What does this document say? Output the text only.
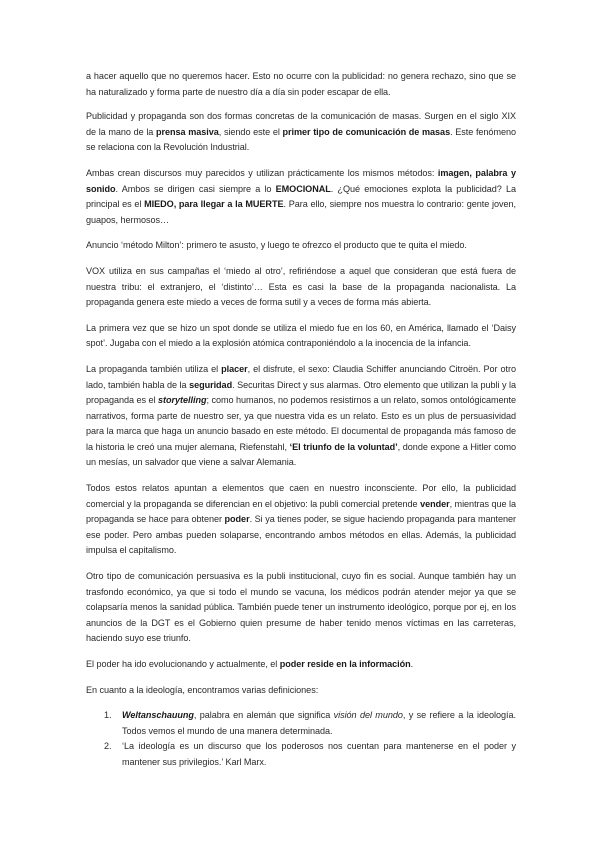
a hacer aquello que no queremos hacer. Esto no ocurre con la publicidad: no genera rechazo, sino que se ha naturalizado y forma parte de nuestro día a día sin poder escapar de ella.

Publicidad y propaganda son dos formas concretas de la comunicación de masas. Surgen en el siglo XIX de la mano de la prensa masiva, siendo este el primer tipo de comunicación de masas. Este fenómeno se relaciona con la Revolución Industrial.

Ambas crean discursos muy parecidos y utilizan prácticamente los mismos métodos: imagen, palabra y sonido. Ambos se dirigen casi siempre a lo EMOCIONAL. ¿Qué emociones explota la publicidad? La principal es el MIEDO, para llegar a la MUERTE. Para ello, siempre nos muestra lo contrario: gente joven, guapos, hermosos…

Anuncio ‘método Milton’: primero te asusto, y luego te ofrezco el producto que te quita el miedo.

VOX utiliza en sus campañas el ‘miedo al otro’, refiriéndose a aquel que consideran que está fuera de nuestra tribu: el extranjero, el ‘distinto’… Esta es casi la base de la propaganda nacionalista. La propaganda genera este miedo a veces de forma sutil y a veces de forma más abierta.

La primera vez que se hizo un spot donde se utiliza el miedo fue en los 60, en América, llamado el ‘Daisy spot’. Jugaba con el miedo a la explosión atómica contraponiéndolo a la inocencia de la infancia.

La propaganda también utiliza el placer, el disfrute, el sexo: Claudia Schiffer anunciando Citroën. Por otro lado, también habla de la seguridad. Securitas Direct y sus alarmas. Otro elemento que utilizan la publi y la propaganda es el storytelling; como humanos, no podemos resistirnos a un relato, somos ontológicamente narrativos, forma parte de nuestro ser, ya que nuestra vida es un relato. Esto es un plus de persuasividad para la marca que haga un anuncio basado en este método. El documental de propaganda más famoso de la historia le creó una mujer alemana, Riefenstahl, ‘El triunfo de la voluntad’, donde expone a Hitler como un mesías, un salvador que viene a salvar Alemania.

Todos estos relatos apuntan a elementos que caen en nuestro inconsciente. Por ello, la publicidad comercial y la propaganda se diferencian en el objetivo: la publi comercial pretende vender, mientras que la propaganda se hace para obtener poder. Si ya tienes poder, se sigue haciendo propaganda para mantener ese poder. Pero ambas pueden solaparse, encontrando ambos métodos en ellas. Además, la publicidad impulsa el capitalismo.

Otro tipo de comunicación persuasiva es la publi institucional, cuyo fin es social. Aunque también hay un trasfondo económico, ya que si todo el mundo se vacuna, los médicos podrán atender mejor ya que se colapsaría menos la sanidad pública. También puede tener un instrumento ideológico, porque por ej, en los anuncios de la DGT es el Gobierno quien presume de haber tenido menos víctimas en las carreteras, haciendo suyo ese triunfo.

El poder ha ido evolucionando y actualmente, el poder reside en la información.

En cuanto a la ideología, encontramos varias definiciones:

1. Weltanschauung, palabra en alemán que significa visión del mundo, y se refiere a la ideología. Todos vemos el mundo de una manera determinada.

2. ‘La ideología es un discurso que los poderosos nos cuentan para mantenerse en el poder y mantener sus privilegios.’ Karl Marx.
